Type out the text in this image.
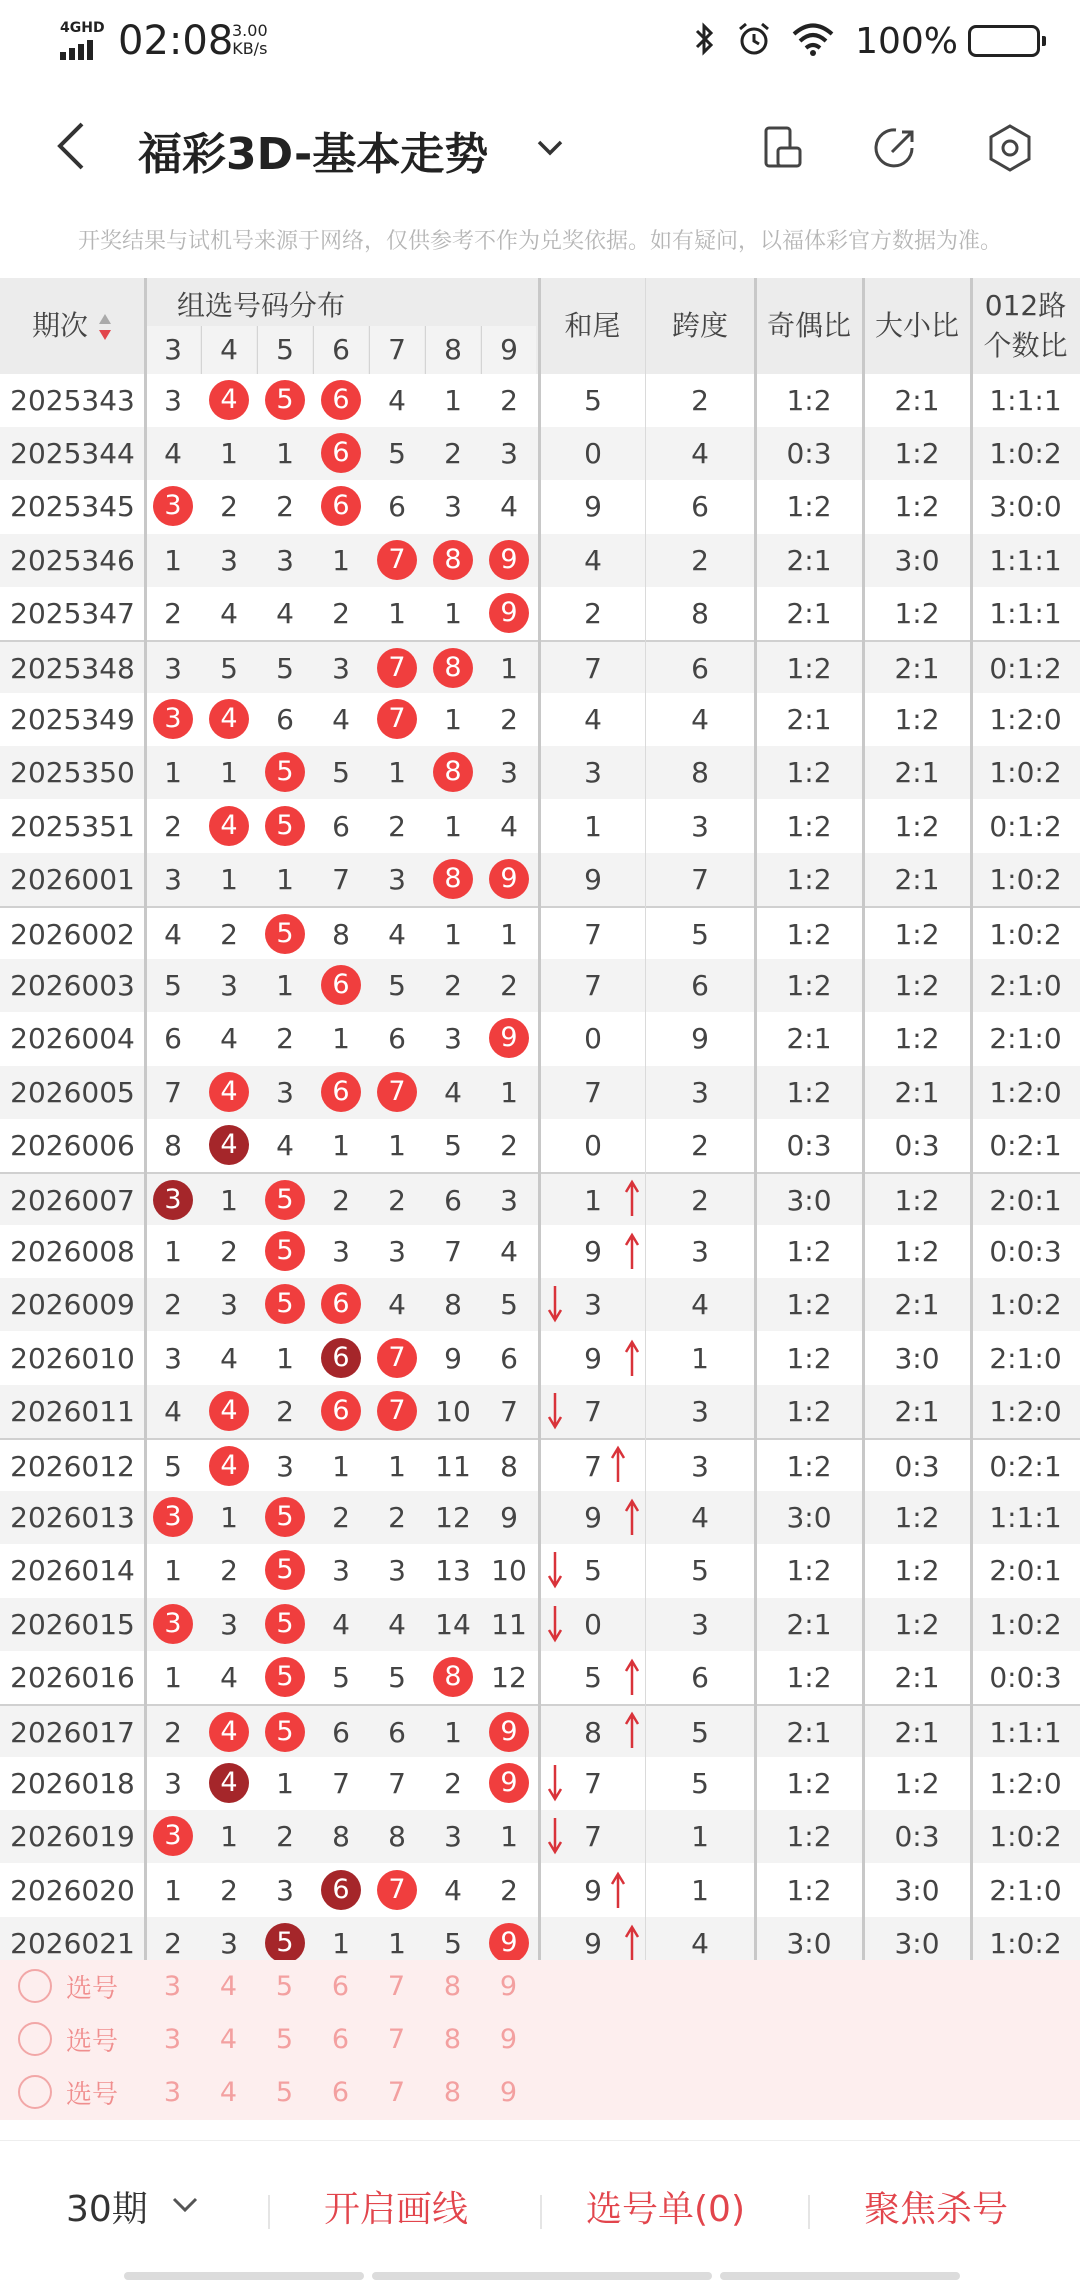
4GHD 02:08
3.00
KB/s	100%
福彩3D-基本走势
开奖结果与试机号来源于网络，仅供参考不作为兑奖依据。如有疑问，以福体彩官方数据为准。
期次
组选号码分布
3	4	5	6	7	8	9
和尾	跨度	奇偶比 大小比
012路
个数比
2025343	3	4	5	6	4	1	2	5	2	1:2	2:1	1:1:1
2025344	4	1	1	6	5	2	3	0	4	0:3	1:2	1:0:2
2025345	3	2	2	6	6	3	4	9	6	1:2	1:2	3:0:0
2025346	1	3	3	1	7	8	9	4	2	2:1	3:0	1:1:1
2025347	2	4	4	2	1	1	9	2	8	2:1	1:2	1:1:1
2025348	3	5	5	3	7	8	1	7	6	1:2	2:1	0:1:2
2025349	3	4	6	4	7	1	2	4	4	2:1	1:2	1:2:0
2025350	1	1	5	5	1	8	3	3	8	1:2	2:1	1:0:2
2025351	2	4	5	6	2	1	4	1	3	1:2	1:2	0:1:2
2026001	3	1	1	7	3	8	9	9	7	1:2	2:1	1:0:2
2026002	4	2	5	8	4	1	1	7	5	1:2	1:2	1:0:2
2026003	5	3	1	6	5	2	2	7	6	1:2	1:2	2:1:0
2026004	6	4	2	1	6	3	9	0	9	2:1	1:2	2:1:0
2026005	7	4	3	6	7	4	1	7	3	1:2	2:1	1:2:0
2026006	8	4	4	1	1	5	2	0	2	0:3	0:3	0:2:1
2026007	3	1	5	2	2	6	3	1	2	3:0	1:2	2:0:1
2026008	1	2	5	3	3	7	4	9	3	1:2	1:2	0:0:3
2026009	2	3	5	6	4	8	5	3	4	1:2	2:1	1:0:2
2026010	3	4	1	6	7	9	6	9	1	1:2	3:0	2:1:0
2026011	4	4	2	6	7	10	7	7	3	1:2	2:1	1:2:0
2026012	5	4	3	1	1	11	8	7	3	1:2	0:3	0:2:1
2026013	3	1	5	2	2	12	9	9	4	3:0	1:2	1:1:1
2026014	1	2	5	3	3	13 10	5	5	1:2	1:2	2:0:1
2026015	3	3	5	4	4	14 11	0	3	2:1	1:2	1:0:2
2026016	1	4	5	5	5	8	12	5	6	1:2	2:1	0:0:3
2026017	2	4	5	6	6	1	9	8	5	2:1	2:1	1:1:1
2026018	3	4	1	7	7	2	9	7	5	1:2	1:2	1:2:0
2026019	3	1	2	8	8	3	1	7	1	1:2	0:3	1:0:2
2026020	1	2	3	6	7	4	2	9	1	1:2	3:0	2:1:0
2026021	2	3	5	1	1	5	9	9	4	3:0	3:0	1:0:2
选号	3	4	5	6	7	8	9
选号	3	4	5	6	7	8	9
选号	3	4	5	6	7	8	9
30期	开启画线	选号单(0)	聚焦杀号
